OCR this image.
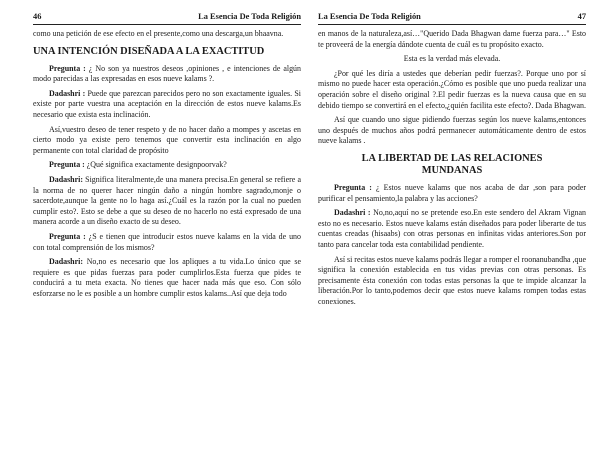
46	La Esencia De Toda Religión

como una petición de ese efecto en el presente,como una descarga,un bhaavna.

UNA INTENCIÓN DISEÑADA A LA EXACTITUD

Pregunta : ¿ No son ya nuestros deseos ,opiniones , e intenciones de algún modo parecidas a las expresadas en esos nueve kalams ?.

Dadashri : Puede que parezcan parecidos pero no son exactamente iguales. Si existe por parte vuestra una aceptación en la dirección de estos nueve kalams.Es necesario que exista esta inclinación.

Así,vuestro deseo de tener respeto y de no hacer daño a mompes y ascetas en cierto modo ya existe pero tenemos que convertir esta inclinación en algo permanente con total claridad de propósito

Pregunta : ¿Qué significa exactamente designpoorvak?

Dadashri: Significa literalmente,de una manera precisa.En general se refiere a la norma de no querer hacer ningún daño a ningún hombre sagrado,monje o sacerdote,aunque la gente no lo haga así.¿Cuál es la razón por la cual no pueden cumplir esto?. Esto se debe a que su deseo de no hacerlo no está expresado de una manera acorde a un diseño exacto de su deseo.

Pregunta : ¿S e tienen que introducir estos nueve kalams en la vida de uno con total comprensión de los mismos?

Dadashri: No,no es necesario que los apliques a tu vida.Lo único que se requiere es que pidas fuerzas para poder cumplirlos.Esta fuerza que pides te conducirá a tu meta exacta. No tienes que hacer nada más que eso. Con sólo esforzarse no le es posible a un hombre cumplir estos kalams..Así que deja todo

La Esencia De Toda Religión	47

en manos de la naturaleza,así…"Querido Dada Bhagwan dame fuerza para…" Esto te proveerá de la energía dándote cuenta de cuál es tu propósito exacto.

Esta es la verdad más elevada.

¿Por qué les diría a ustedes que deberían pedir fuerzas?. Porque uno por sí mismo no puede hacer esta operación.¿Cómo es posible que uno pueda realizar una operación sobre el diseño original ?.El pedir fuerzas es la nueva causa que en su debido tiempo se convertirá en el efecto,¿quién facilita este efecto?. Dada Bhagwan.

Así que cuando uno sigue pidiendo fuerzas según los nueve kalams,entonces uno después de muchos años podrá permanecer automáticamente dentro de estos nueve kalams .

LA LIBERTAD DE LAS RELACIONES
MUNDANAS

Pregunta : ¿ Estos nueve kalams que nos acaba de dar ,son para poder purificar el pensamiento,la palabra y las acciones?

Dadashri : No,no,aquí no se pretende eso.En este sendero del Akram Vignan esto no es necesario. Estos nueve kalams están diseñados para poder liberarte de tus cuentas creadas (hisaabs) con otras personas en infinitas vidas anteriores.Son por tanto para cancelar toda esta contabilidad pendiente.

Así si recitas estos nueve kalams podrás llegar a romper el roonanubandha ,que significa la conexión establecida en tus vidas previas con otras personas. Es precisamente ésta conexión con todas estas personas la que te impide alcanzar la liberación.Por lo tanto,podemos decir que estos nueve kalams rompen todas estas conexiones.
